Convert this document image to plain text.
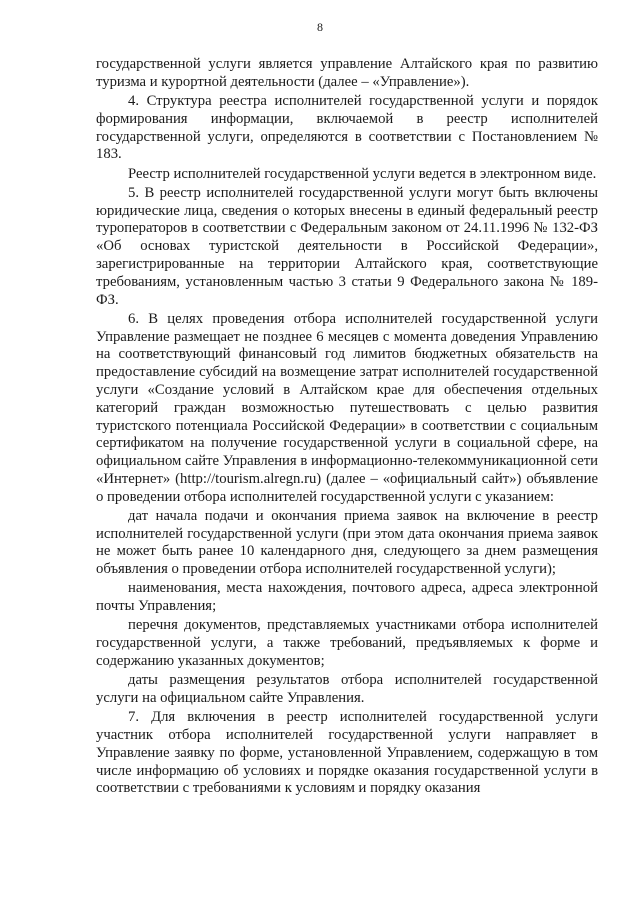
8

государственной услуги является управление Алтайского края по развитию туризма и курортной деятельности (далее – «Управление»).

4. Структура реестра исполнителей государственной услуги и порядок формирования информации, включаемой в реестр исполнителей государственной услуги, определяются в соответствии с Постановлением № 183.

Реестр исполнителей государственной услуги ведется в электронном виде.

5. В реестр исполнителей государственной услуги могут быть включены юридические лица, сведения о которых внесены в единый федеральный реестр туроператоров в соответствии с Федеральным законом от 24.11.1996 № 132-ФЗ «Об основах туристской деятельности в Российской Федерации», зарегистрированные на территории Алтайского края, соответствующие требованиям, установленным частью 3 статьи 9 Федерального закона № 189-ФЗ.

6. В целях проведения отбора исполнителей государственной услуги Управление размещает не позднее 6 месяцев с момента доведения Управлению на соответствующий финансовый год лимитов бюджетных обязательств на предоставление субсидий на возмещение затрат исполнителей государственной услуги «Создание условий в Алтайском крае для обеспечения отдельных категорий граждан возможностью путешествовать с целью развития туристского потенциала Российской Федерации» в соответствии с социальным сертификатом на получение государственной услуги в социальной сфере, на официальном сайте Управления в информационно-телекоммуникационной сети «Интернет» (http://tourism.alregn.ru) (далее – «официальный сайт») объявление о проведении отбора исполнителей государственной услуги с указанием:

дат начала подачи и окончания приема заявок на включение в реестр исполнителей государственной услуги (при этом дата окончания приема заявок не может быть ранее 10 календарного дня, следующего за днем размещения объявления о проведении отбора исполнителей государственной услуги);

наименования, места нахождения, почтового адреса, адреса электронной почты Управления;

перечня документов, представляемых участниками отбора исполнителей государственной услуги, а также требований, предъявляемых к форме и содержанию указанных документов;

даты размещения результатов отбора исполнителей государственной услуги на официальном сайте Управления.

7. Для включения в реестр исполнителей государственной услуги участник отбора исполнителей государственной услуги направляет в Управление заявку по форме, установленной Управлением, содержащую в том числе информацию об условиях и порядке оказания государственной услуги в соответствии с требованиями к условиям и порядку оказания
